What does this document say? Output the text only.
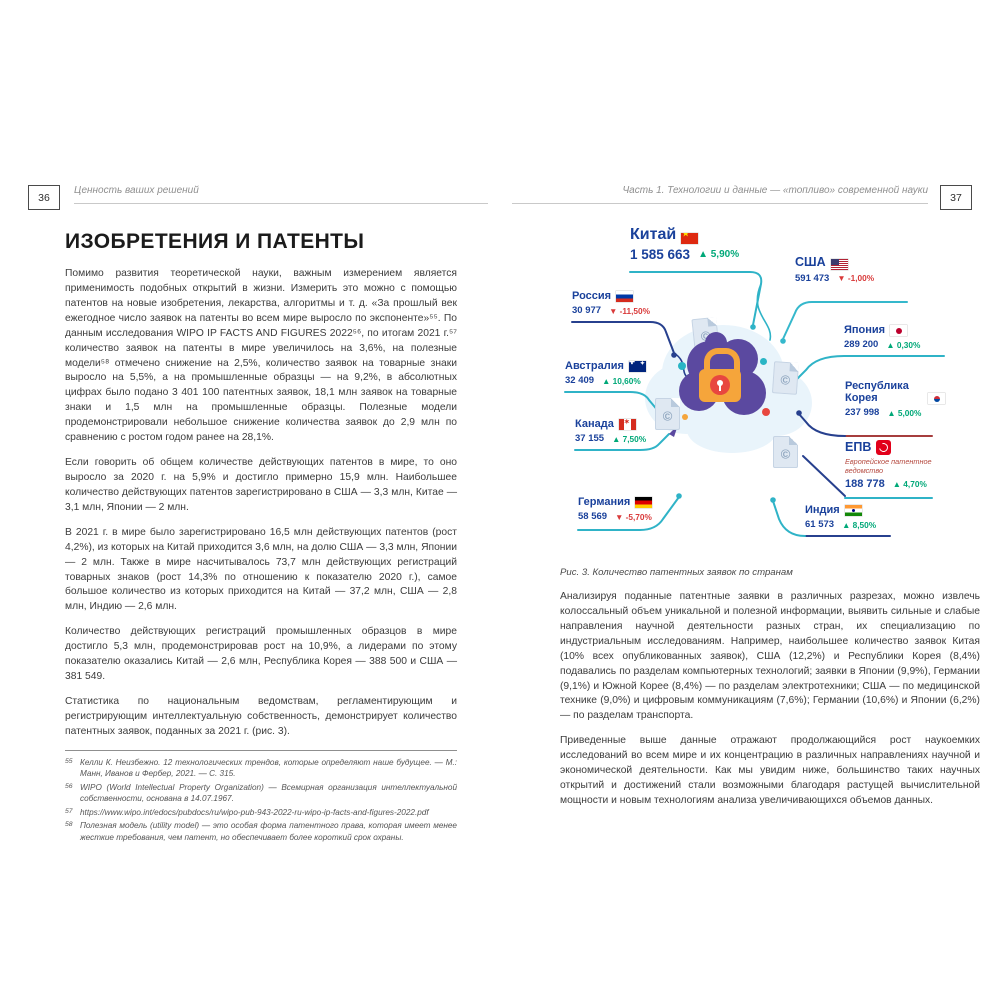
36
Ценность ваших решений
ИЗОБРЕТЕНИЯ И ПАТЕНТЫ

Помимо развития теоретической науки, важным измерением является применимость подобных открытий в жизни. Измерить это можно с помощью патентов на новые изобретения, лекарства, алгоритмы и т. д. «За прошлый век ежегодное число заявок на патенты во всем мире выросло по экспоненте»⁵⁵. По данным исследования WIPO IP FACTS AND FIGURES 2022⁵⁶, по итогам 2021 г.⁵⁷ количество заявок на патенты в мире увеличилось на 3,6%, на полезные модели⁵⁸ отмечено снижение на 2,5%, количество заявок на товарные знаки выросло на 5,5%, а на промышленные образцы — на 9,2%, в абсолютных цифрах было подано 3 401 100 патентных заявок, 18,1 млн заявок на товарные знаки и 1,5 млн на промышленные образцы. Полезные модели продемонстрировали небольшое снижение количества заявок до 2,9 млн по сравнению с ростом годом ранее на 28,1%.

Если говорить об общем количестве действующих патентов в мире, то оно выросло за 2020 г. на 5,9% и достигло примерно 15,9 млн. Наибольшее количество действующих патентов зарегистрировано в США — 3,3 млн, Китае — 3,1 млн, Японии — 2 млн.

В 2021 г. в мире было зарегистрировано 16,5 млн действующих патентов (рост 4,2%), из которых на Китай приходится 3,6 млн, на долю США — 3,3 млн, Японии — 2 млн. Также в мире насчитывалось 73,7 млн действующих регистраций товарных знаков (рост 14,3% по отношению к показателю 2020 г.), самое большое количество из которых приходится на Китай — 37,2 млн, США — 2,8 млн, Индию — 2,6 млн.

Количество действующих регистраций промышленных образцов в мире достигло 5,3 млн, продемонстрировав рост на 10,9%, а лидерами по этому показателю оказались Китай — 2,6 млн, Республика Корея — 388 500 и США — 381 549.

Статистика по национальным ведомствам, регламентирующим и регистрирующим интеллектуальную собственность, демонстрирует количество патентных заявок, поданных за 2021 г. (рис. 3).

55 Келли К. Неизбежно. 12 технологических трендов, которые определяют наше будущее. — М.: Манн, Иванов и Фербер, 2021. — С. 315.
56 WIPO (World Intellectual Property Organization) — Всемирная организация интеллектуальной собственности, основана в 14.07.1967.
57 https://www.wipo.int/edocs/pubdocs/ru/wipo-pub-943-2022-ru-wipo-ip-facts-and-figures-2022.pdf
58 Полезная модель (utility model) — это особая форма патентного права, которая имеет менее жесткие требования, чем патент, но обеспечивает более короткий срок охраны.
Часть 1. Технологии и данные — «топливо» современной науки
37
©
©
©
©
Китай
★
1 585 663 ▲ 5,90%
США
591 473 ▼ -1,00%
Россия
30 977 ▼ -11,50%
Япония
289 200 ▲ 0,30%
Австралия
✦ ✚
32 409 ▲ 10,60%	Республика Корея
237 998 ▲ 5,00%
Канада
✶
37 155 ▲ 7,50%
ЕПВ
Европейское патентное ведомство
188 778 ▲ 4,70%
Германия
58 569 ▼ -5,70%
Индия
61 573 ▲ 8,50%
Рис. 3. Количество патентных заявок по странам

Анализируя поданные патентные заявки в различных разрезах, можно извлечь колоссальный объем уникальной и полезной информации, выявить сильные и слабые направления научной деятельности разных стран, их специализацию по индустриальным исследованиям. Например, наибольшее количество заявок Китая (10% всех опубликованных заявок), США (12,2%) и Республики Корея (8,4%) подавались по разделам компьютерных технологий; заявки в Японии (9,9%), Германии (9,1%) и Южной Корее (8,4%) — по разделам электротехники; США — по медицинской технике (9,0%) и цифровым коммуникациям (7,6%); Германии (10,6%) и Японии (6,2%) — по разделам транспорта.

Приведенные выше данные отражают продолжающийся рост наукоемких исследований во всем мире и их концентрацию в различных направлениях научной и экономической деятельности. Как мы увидим ниже, большинство таких научных открытий и достижений стали возможными благодаря растущей вычислительной мощности и новым технологиям анализа увеличивающихся объемов данных.
